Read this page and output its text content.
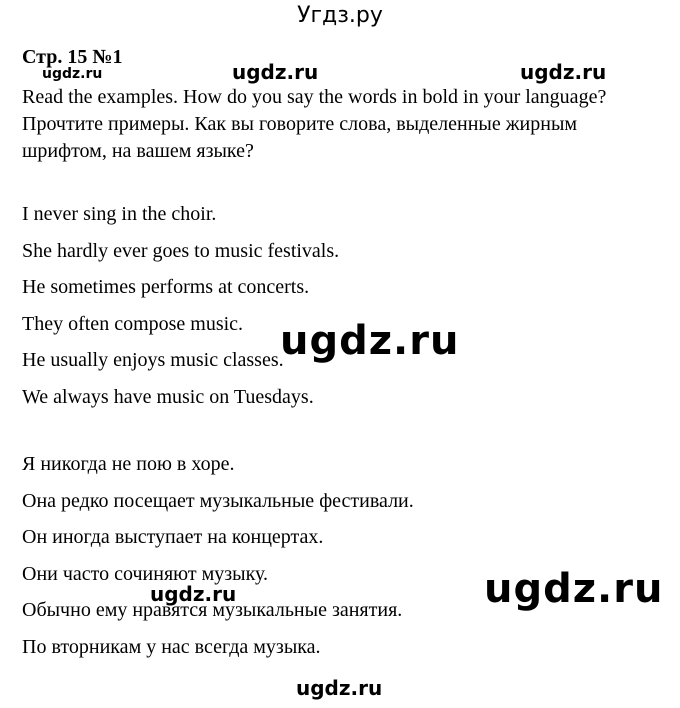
Угдз.ру
Стр. 15 №1

Read the examples. How do you say the words in bold in your language?

Прочтите примеры. Как вы говорите слова, выделенные жирным шрифтом, на вашем языке?

I never sing in the choir.
She hardly ever goes to music festivals.
He sometimes performs at concerts.
They often compose music.
He usually enjoys music classes.
We always have music on Tuesdays.
Я никогда не пою в хоре.
Она редко посещает музыкальные фестивали.
Он иногда выступает на концертах.
Они часто сочиняют музыку.
Обычно ему нравятся музыкальные занятия.
По вторникам у нас всегда музыка.
ugdz.ru	ugdz.ru	ugdz.ru
ugdz.ru
ugdz.ru	ugdz.ru
ugdz.ru
